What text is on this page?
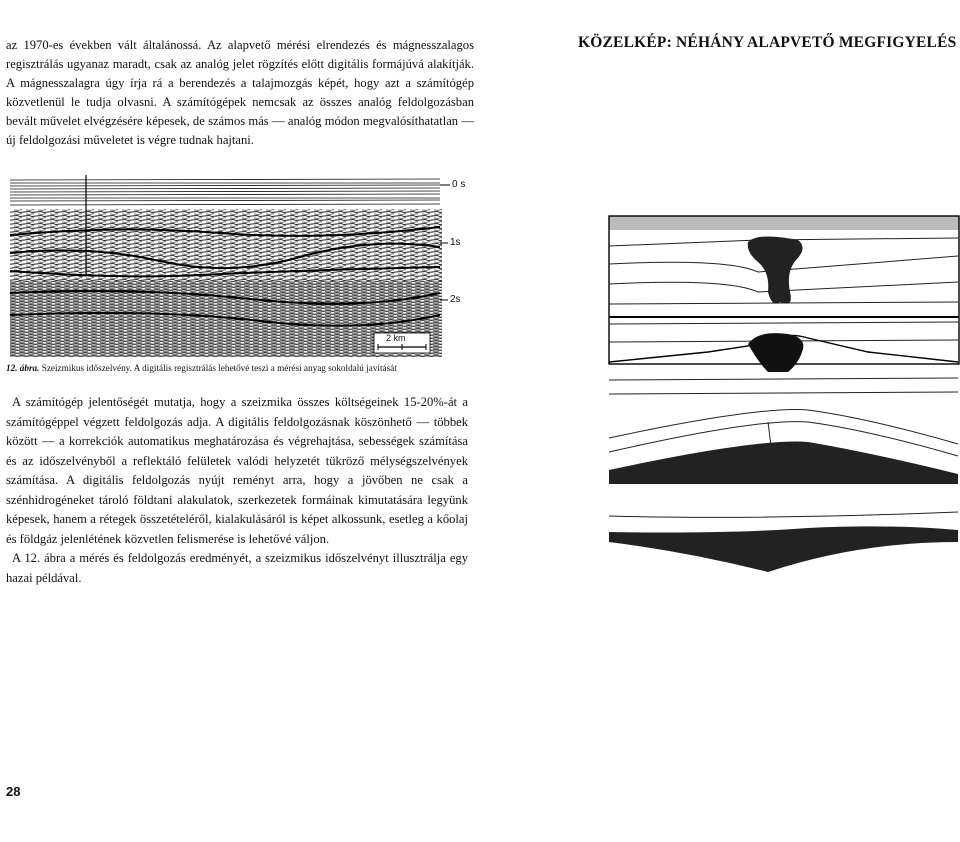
az 1970-es években vált általánossá. Az alapvető mérési elrendezés és mágnesszalagos regisztrálás ugyanaz maradt, csak az analóg jelet rögzítés előtt digitális formájúvá alakítják. A mágnesszalagra úgy írja rá a berendezés a talajmozgás képét, hogy azt a számítógép közvetlenül le tudja olvasni. A számítógépek nemcsak az összes analóg feldolgozásban bevált művelet elvégzésére képesek, de számos más — analóg módon megvalósíthatatlan — új feldolgozási műveletet is végre tudnak hajtani.

KÖZELKÉP: NÉHÁNY ALAPVETŐ MEGFIGYELÉS
0 s
1s
2s
2 km

12. ábra. Szeizmikus időszelvény. A digitális regisztrálás lehetővé teszi a mérési anyag sokoldalú javítását

A számítógép jelentőségét mutatja, hogy a szeizmika összes költségeinek 15-20%-át a számítógéppel végzett feldolgozás adja. A digitális feldolgozásnak köszönhető — többek között — a korrekciók automatikus meghatározása és végrehajtása, sebességek számítása és az időszelvényből a reflektáló felületek valódi helyzetét tükröző mélységszelvények számítása. A digitális feldolgozás nyújt reményt arra, hogy a jövőben ne csak a szénhidrogéneket tároló földtani alakulatok, szerkezetek formáinak kimutatására legyünk képesek, hanem a rétegek összetételéről, kialakulásáról is képet alkossunk, esetleg a kőolaj és földgáz jelenlétének közvetlen felismerése is lehetővé váljon.

A 12. ábra a mérés és feldolgozás eredményét, a szeizmikus időszelvényt illusztrálja egy hazai példával.

28
